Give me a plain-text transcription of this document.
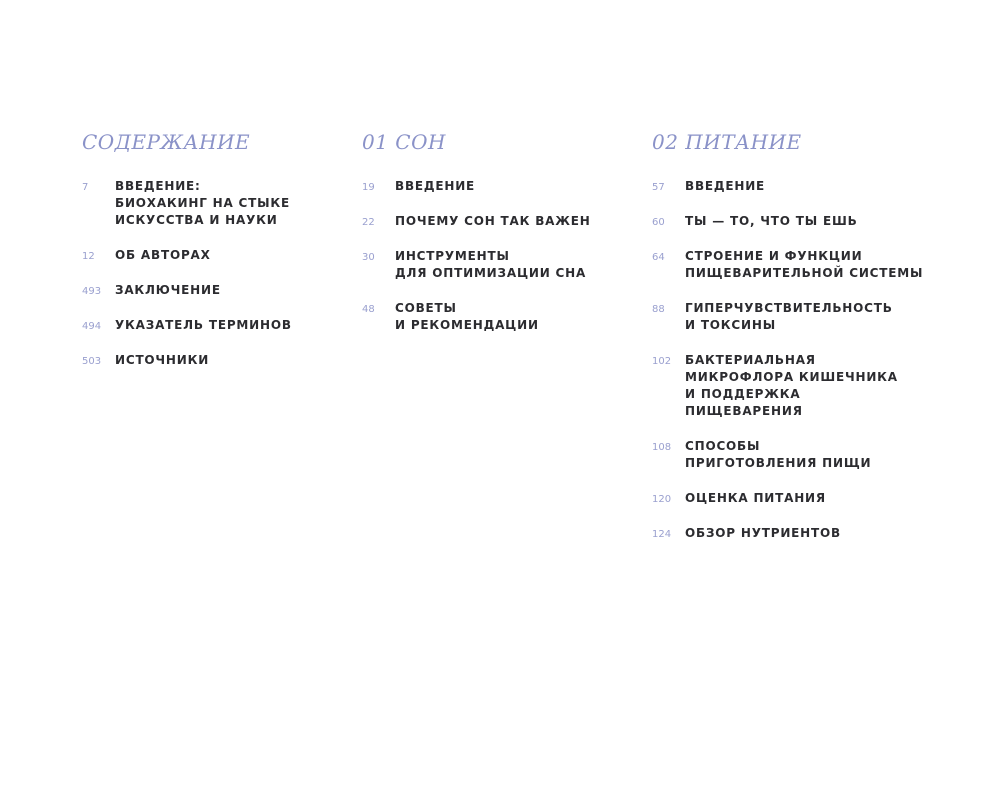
СОДЕРЖАНИЕ
7 ВВЕДЕНИЕ:
БИОХАКИНГ НА СТЫКЕ
ИСКУССТВА И НАУКИ
12 ОБ АВТОРАХ
493 ЗАКЛЮЧЕНИЕ
494 УКАЗАТЕЛЬ ТЕРМИНОВ
503 ИСТОЧНИКИ
01 СОН
19 ВВЕДЕНИЕ
22 ПОЧЕМУ СОН ТАК ВАЖЕН
30 ИНСТРУМЕНТЫ
ДЛЯ ОПТИМИЗАЦИИ СНА
48 СОВЕТЫ
И РЕКОМЕНДАЦИИ
02 ПИТАНИЕ
57 ВВЕДЕНИЕ
60 ТЫ — ТО, ЧТО ТЫ ЕШЬ
64 СТРОЕНИЕ И ФУНКЦИИ
ПИЩЕВАРИТЕЛЬНОЙ СИСТЕМЫ
88 ГИПЕРЧУВСТВИТЕЛЬНОСТЬ
И ТОКСИНЫ
102 БАКТЕРИАЛЬНАЯ
МИКРОФЛОРА КИШЕЧНИКА
И ПОДДЕРЖКА
ПИЩЕВАРЕНИЯ
108 СПОСОБЫ
ПРИГОТОВЛЕНИЯ ПИЩИ
120 ОЦЕНКА ПИТАНИЯ
124 ОБЗОР НУТРИЕНТОВ
